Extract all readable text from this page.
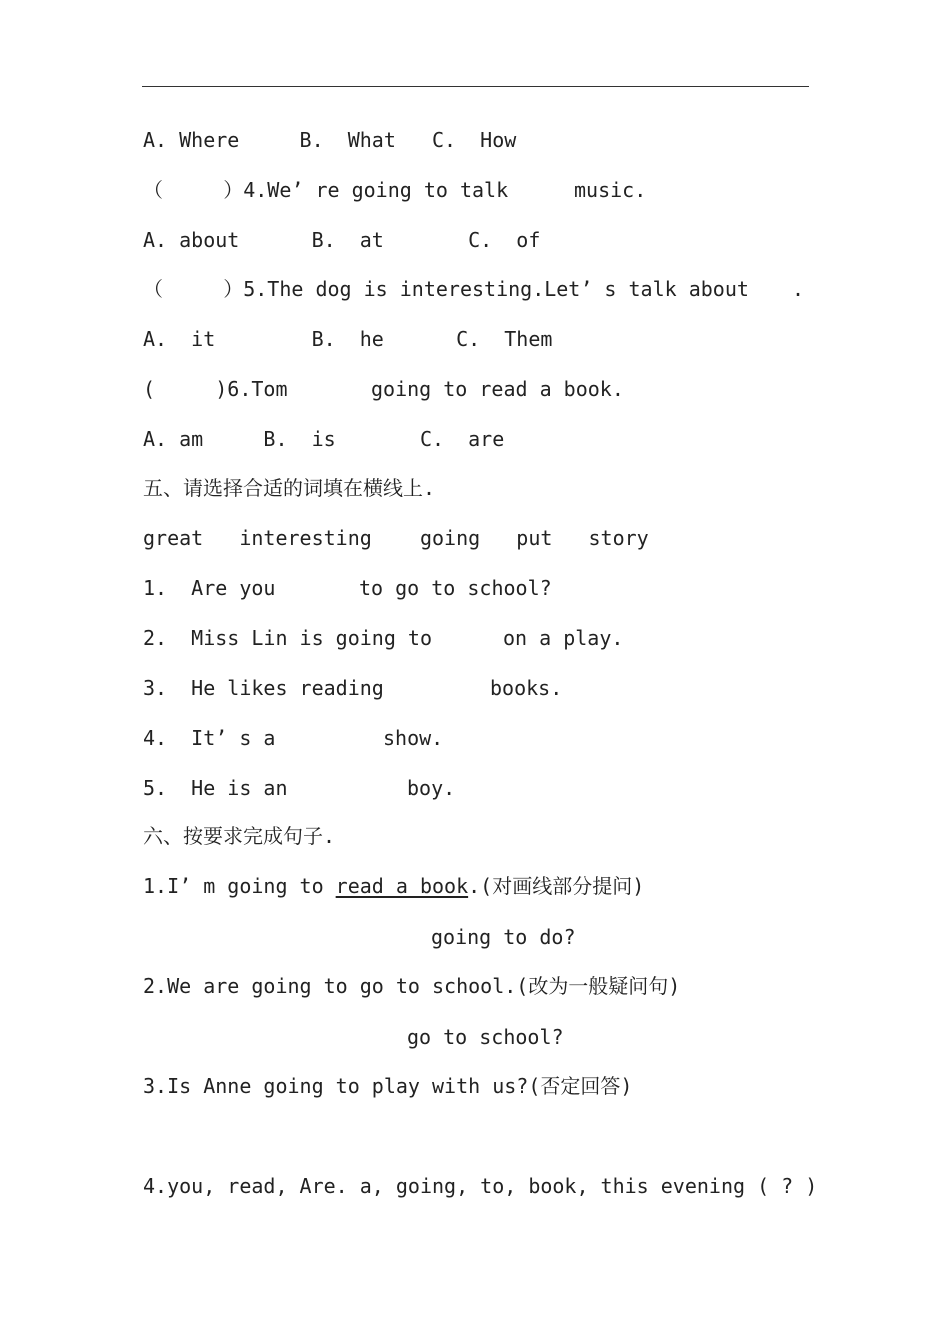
A. Where     B.  What   C.  How
（     ）4.We’ re going to talk	music.
A. about      B.  at       C.  of
（     ）5.The dog is interesting.Let’ s talk about .
A.  it        B.  he      C.  Them
(     )6.Tom	going to read a book.
A. am     B.  is       C.  are
五、请选择合适的词填在横线上.
great   interesting    going   put   story
1.  Are you	to go to school?
2.  Miss Lin is going to	on a play.
3.  He likes reading	books.
4.  It’ s a	show.
5.  He is an	boy.
六、按要求完成句子.
1.I’ m going to read a book.(对画线部分提问)
going to do?
2.We are going to go to school.(改为一般疑问句)
go to school?
3.Is Anne going to play with us?(否定回答)
4.you, read, Are. a, going, to, book, this evening ( ? )
